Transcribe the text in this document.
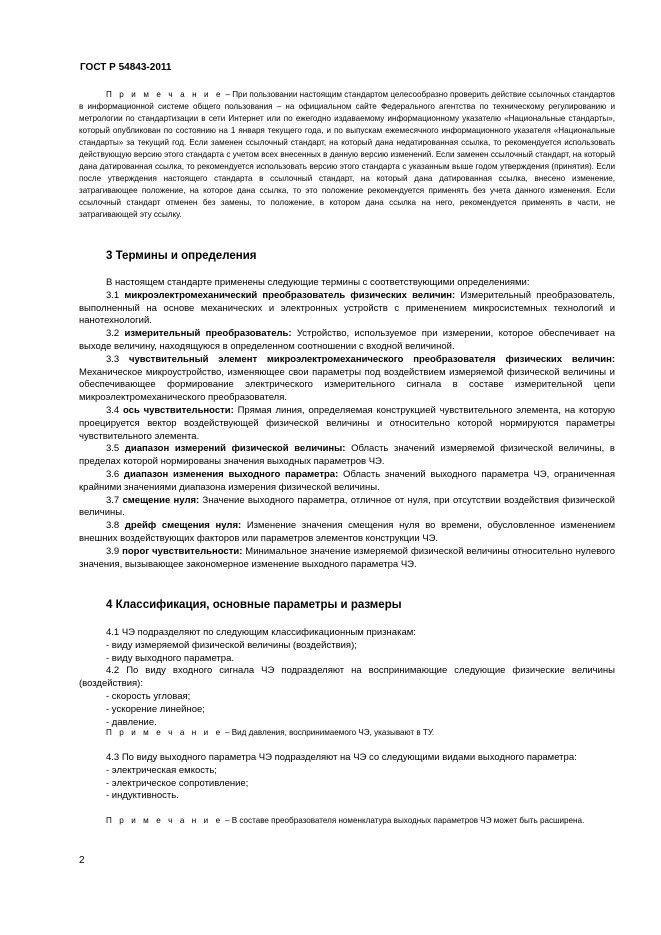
ГОСТ Р 54843-2011

П р и м е ч а н и е – При пользовании настоящим стандартом целесообразно проверить действие ссылочных стандартов в информационной системе общего пользования – на официальном сайте Федерального агентства по техническому регулированию и метрологии по стандартизации в сети Интернет или по ежегодно издаваемому информационному указателю «Национальные стандарты», который опубликован по состоянию на 1 января текущего года, и по выпускам ежемесячного информационного указателя «Национальные стандарты» за текущий год. Если заменен ссылочный стандарт, на который дана недатированная ссылка, то рекомендуется использовать действующую версию этого стандарта с учетом всех внесенных в данную версию изменений. Если заменен ссылочный стандарт, на который дана датированная ссылка, то рекомендуется использовать версию этого стандарта с указанным выше годом утверждения (принятия). Если после утверждения настоящего стандарта в ссылочный стандарт, на который дана датированная ссылка, внесено изменение, затрагивающее положение, на которое дана ссылка, то это положение рекомендуется применять без учета данного изменения. Если ссылочный стандарт отменен без замены, то положение, в котором дана ссылка на него, рекомендуется применять в части, не затрагивающей эту ссылку.

3 Термины и определения

В настоящем стандарте применены следующие термины с соответствующими определениями:

3.1 микроэлектромеханический преобразователь физических величин: Измерительный преобразователь, выполненный на основе механических и электронных устройств с применением микросистемных технологий и нанотехнологий.

3.2 измерительный преобразователь: Устройство, используемое при измерении, которое обеспечивает на выходе величину, находящуюся в определенном соотношении с входной величиной.

3.3 чувствительный элемент микроэлектромеханического преобразователя физических величин: Механическое микроустройство, изменяющее свои параметры под воздействием измеряемой физической величины и обеспечивающее формирование электрического измерительного сигнала в составе измерительной цепи микроэлектромеханического преобразователя.

3.4 ось чувствительности: Прямая линия, определяемая конструкцией чувствительного элемента, на которую проецируется вектор воздействующей физической величины и относительно которой нормируются параметры чувствительного элемента.

3.5 диапазон измерений физической величины: Область значений измеряемой физической величины, в пределах которой нормированы значения выходных параметров ЧЭ.

3.6 диапазон изменения выходного параметра: Область значений выходного параметра ЧЭ, ограниченная крайними значениями диапазона измерения физической величины.

3.7 смещение нуля: Значение выходного параметра, отличное от нуля, при отсутствии воздействия физической величины.

3.8 дрейф смещения нуля: Изменение значения смещения нуля во времени, обусловленное изменением внешних воздействующих факторов или параметров элементов конструкции ЧЭ.

3.9 порог чувствительности: Минимальное значение измеряемой физической величины относительно нулевого значения, вызывающее закономерное изменение выходного параметра ЧЭ.

4 Классификация, основные параметры и размеры

4.1 ЧЭ подразделяют по следующим классификационным признакам:

- виду измеряемой физической величины (воздействия);

- виду выходного параметра.

4.2 По виду входного сигнала ЧЭ подразделяют на воспринимающие следующие физические величины (воздействия):

- скорость угловая;

- ускорение линейное;

- давление.

П р и м е ч а н и е – Вид давления, воспринимаемого ЧЭ, указывают в ТУ.

4.3 По виду выходного параметра ЧЭ подразделяют на ЧЭ со следующими видами выходного параметра:

- электрическая емкость;

- электрическое сопротивление;

- индуктивность.

П р и м е ч а н и е – В составе преобразователя номенклатура выходных параметров ЧЭ может быть расширена.

2
